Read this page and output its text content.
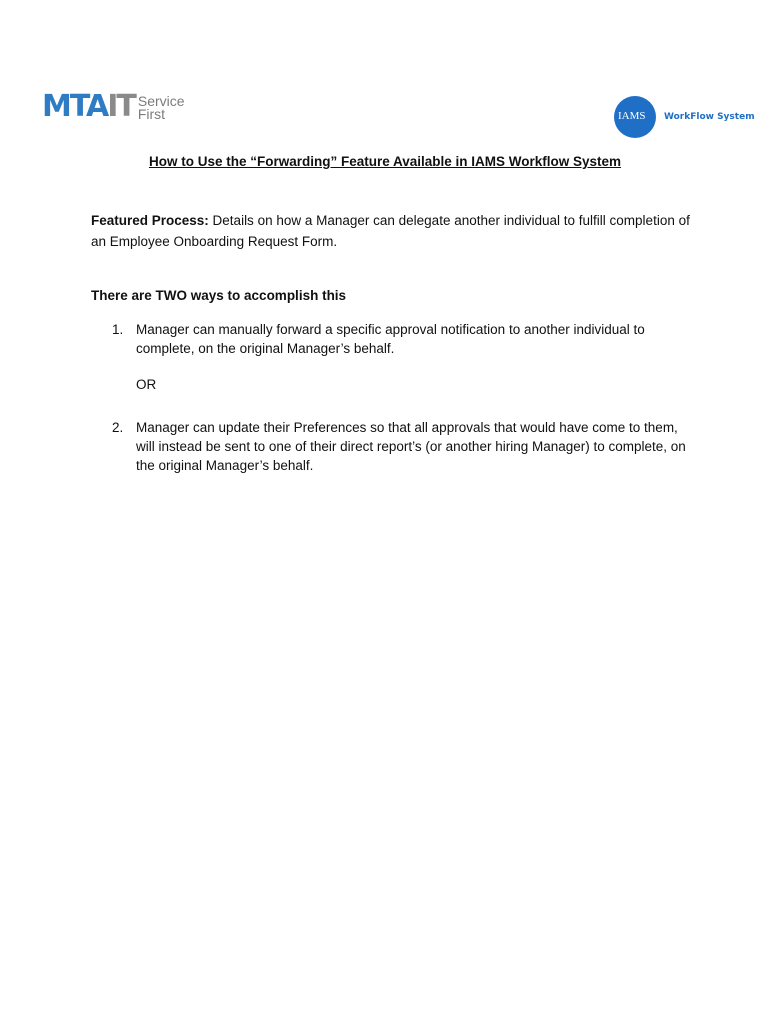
MTA IT Service
First	IAMS	WorkFlow System
How to Use the “Forwarding” Feature Available in IAMS Workflow System
Featured Process: Details on how a Manager can delegate another individual to fulfill completion of an Employee Onboarding Request Form.
There are TWO ways to accomplish this
1. Manager can manually forward a specific approval notification to another individual to complete, on the original Manager’s behalf.
OR
2. Manager can update their Preferences so that all approvals that would have come to them, will instead be sent to one of their direct report’s (or another hiring Manager) to complete, on the original Manager’s behalf.
